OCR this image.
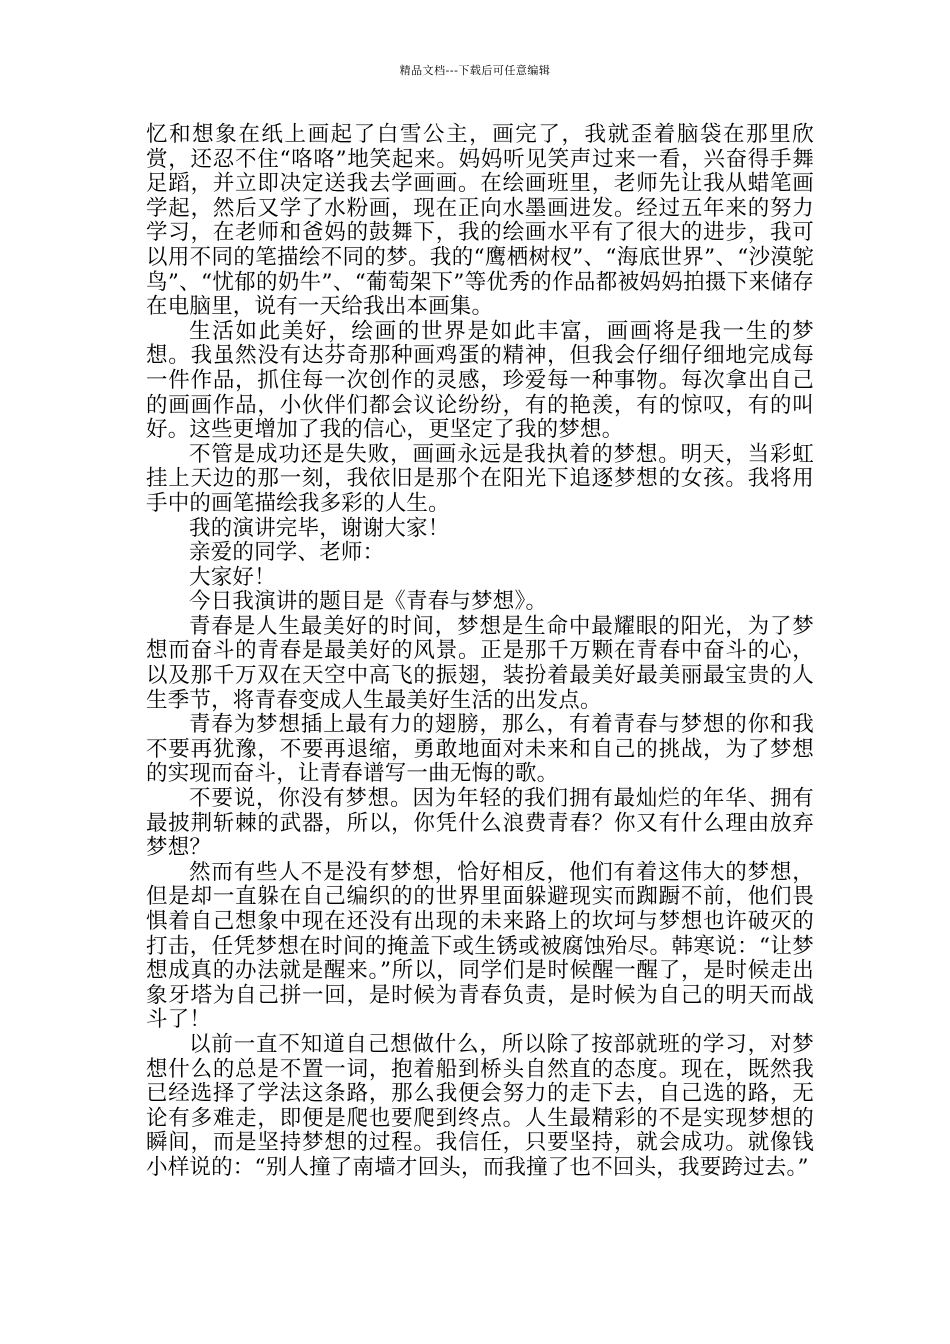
精品文档---下载后可任意编辑

忆和想象在纸上画起了白雪公主，画完了，我就歪着脑袋在那里欣赏，还忍不住“咯咯”地笑起来。妈妈听见笑声过来一看，兴奋得手舞足蹈，并立即决定送我去学画画。在绘画班里，老师先让我从蜡笔画学起，然后又学了水粉画，现在正向水墨画进发。经过五年来的努力学习，在老师和爸妈的鼓舞下，我的绘画水平有了很大的进步，我可以用不同的笔描绘不同的梦。我的“鹰栖树杈”、“海底世界”、“沙漠鸵鸟”、“忧郁的奶牛”、“葡萄架下”等优秀的作品都被妈妈拍摄下来储存在电脑里，说有一天给我出本画集。

生活如此美好，绘画的世界是如此丰富，画画将是我一生的梦想。我虽然没有达芬奇那种画鸡蛋的精神，但我会仔细仔细地完成每一件作品，抓住每一次创作的灵感，珍爱每一种事物。每次拿出自己的画画作品，小伙伴们都会议论纷纷，有的艳羡，有的惊叹，有的叫好。这些更增加了我的信心，更坚定了我的梦想。

不管是成功还是失败，画画永远是我执着的梦想。明天，当彩虹挂上天边的那一刻，我依旧是那个在阳光下追逐梦想的女孩。我将用手中的画笔描绘我多彩的人生。

我的演讲完毕，谢谢大家！

亲爱的同学、老师：

大家好！

今日我演讲的题目是《青春与梦想》。

青春是人生最美好的时间，梦想是生命中最耀眼的阳光，为了梦想而奋斗的青春是最美好的风景。正是那千万颗在青春中奋斗的心，以及那千万双在天空中高飞的振翅，装扮着最美好最美丽最宝贵的人生季节，将青春变成人生最美好生活的出发点。

青春为梦想插上最有力的翅膀，那么，有着青春与梦想的你和我不要再犹豫，不要再退缩，勇敢地面对未来和自己的挑战，为了梦想的实现而奋斗，让青春谱写一曲无悔的歌。

不要说，你没有梦想。因为年轻的我们拥有最灿烂的年华、拥有最披荆斩棘的武器，所以，你凭什么浪费青春？你又有什么理由放弃梦想？

然而有些人不是没有梦想，恰好相反，他们有着这伟大的梦想，但是却一直躲在自己编织的的世界里面躲避现实而踟蹰不前，他们畏惧着自己想象中现在还没有出现的未来路上的坎坷与梦想也许破灭的打击，任凭梦想在时间的掩盖下或生锈或被腐蚀殆尽。韩寒说：“让梦想成真的办法就是醒来。”所以，同学们是时候醒一醒了，是时候走出象牙塔为自己拼一回，是时候为青春负责，是时候为自己的明天而战斗了！

以前一直不知道自己想做什么，所以除了按部就班的学习，对梦想什么的总是不置一词，抱着船到桥头自然直的态度。现在，既然我已经选择了学法这条路，那么我便会努力的走下去，自己选的路，无论有多难走，即便是爬也要爬到终点。人生最精彩的不是实现梦想的瞬间，而是坚持梦想的过程。我信任，只要坚持，就会成功。就像钱小样说的：“别人撞了南墙才回头，而我撞了也不回头，我要跨过去。”
